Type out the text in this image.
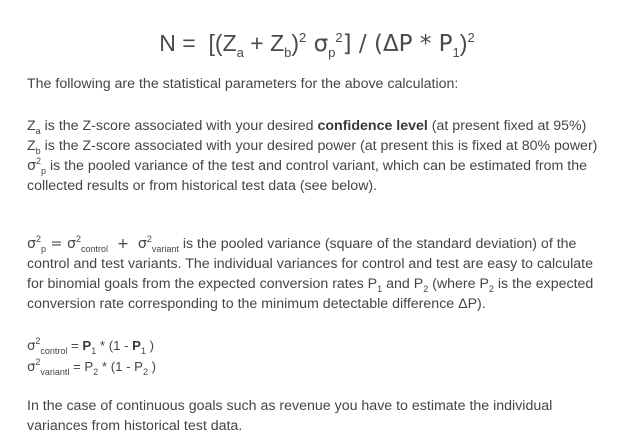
$N = [(Z_a + Z_b)^2$ $\sigma_p^2] / (\Delta P * P_1)^2$
The following are the statistical parameters for the above calculation:
$Z_a$ is the Z-score associated with your desired confidence level (at present fixed at 95%)
$Z_b$ is the Z-score associated with your desired power (at present this is fixed at 80% power)
$\sigma^2_p$ is the pooled variance of the test and control variant, which can be estimated from the
collected results or from historical test data (see below).
$\sigma^2_p = \sigma^2_{control} + \sigma^2_{variant}$ is the pooled variance (square of the standard deviation) of the
control and test variants. The individual variances for control and test are easy to calculate
for binomial goals from the expected conversion rates $P_1$ and $P_2$ (where $P_2$ is the expected
conversion rate corresponding to the minimum detectable difference ΔP).
$\sigma^2_{control} = P_1 * (1 - P_1$ )
$\sigma^2_{variantl} = P_2 * (1 - P_2$ )
In the case of continuous goals such as revenue you have to estimate the individual
variances from historical test data.
